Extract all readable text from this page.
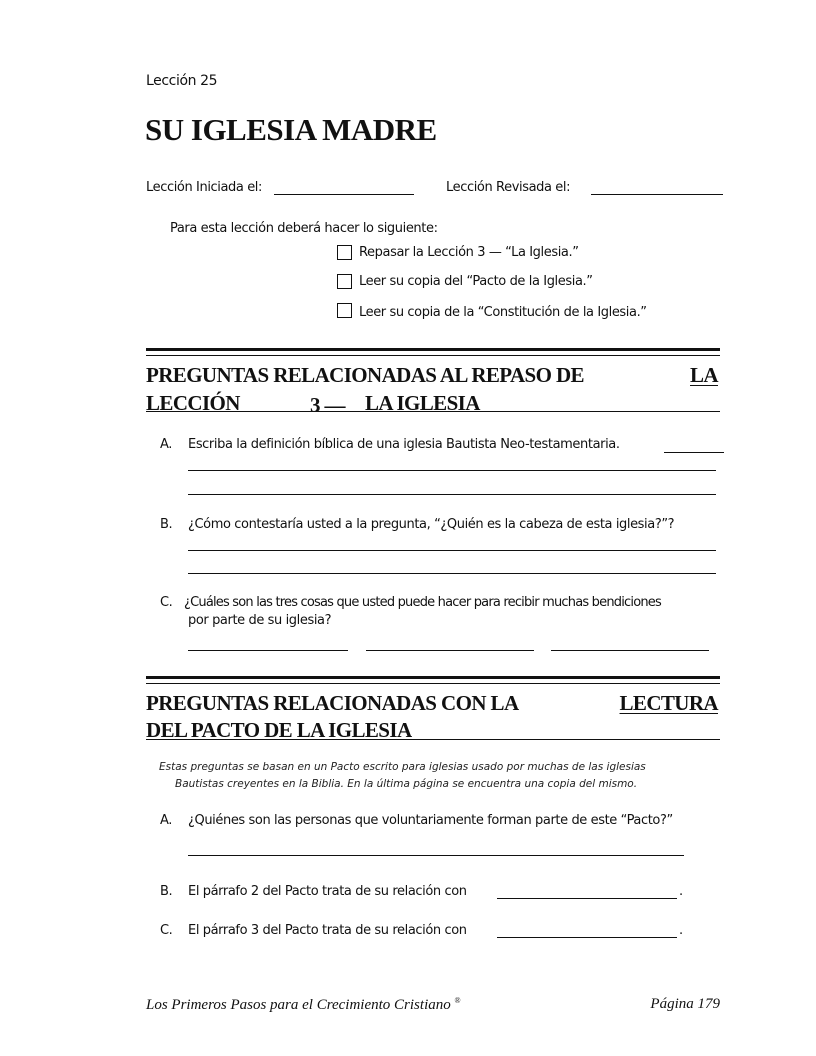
Lección 25
SU IGLESIA MADRE
Lección Iniciada el:	Lección Revisada el:
Para esta lección deberá hacer lo siguiente:
Repasar la Lección 3 — “La Iglesia.”
Leer su copia del “Pacto de la Iglesia.”
Leer su copia de la “Constitución de la Iglesia.”
PREGUNTAS RELACIONADAS AL REPASO DE	LA
LECCIÓN	3 — LA IGLESIA
A. Escriba la definición bíblica de una iglesia Bautista Neo-testamentaria.
B. ¿Cómo contestaría usted a la pregunta, “¿Quién es la cabeza de esta iglesia?”?
C. ¿Cuáles son las tres cosas que usted puede hacer para recibir muchas bendiciones
por parte de su iglesia?
PREGUNTAS RELACIONADAS CON LA	LECTURA
DEL PACTO DE LA IGLESIA
Estas preguntas se basan en un Pacto escrito para iglesias usado por muchas de las iglesias
Bautistas creyentes en la Biblia. En la última página se encuentra una copia del mismo.
A. ¿Quiénes son las personas que voluntariamente forman parte de este “Pacto?”
B. El párrafo 2 del Pacto trata de su relación con	.
C. El párrafo 3 del Pacto trata de su relación con	.
Los Primeros Pasos para el Crecimiento Cristiano ®	Página 179
